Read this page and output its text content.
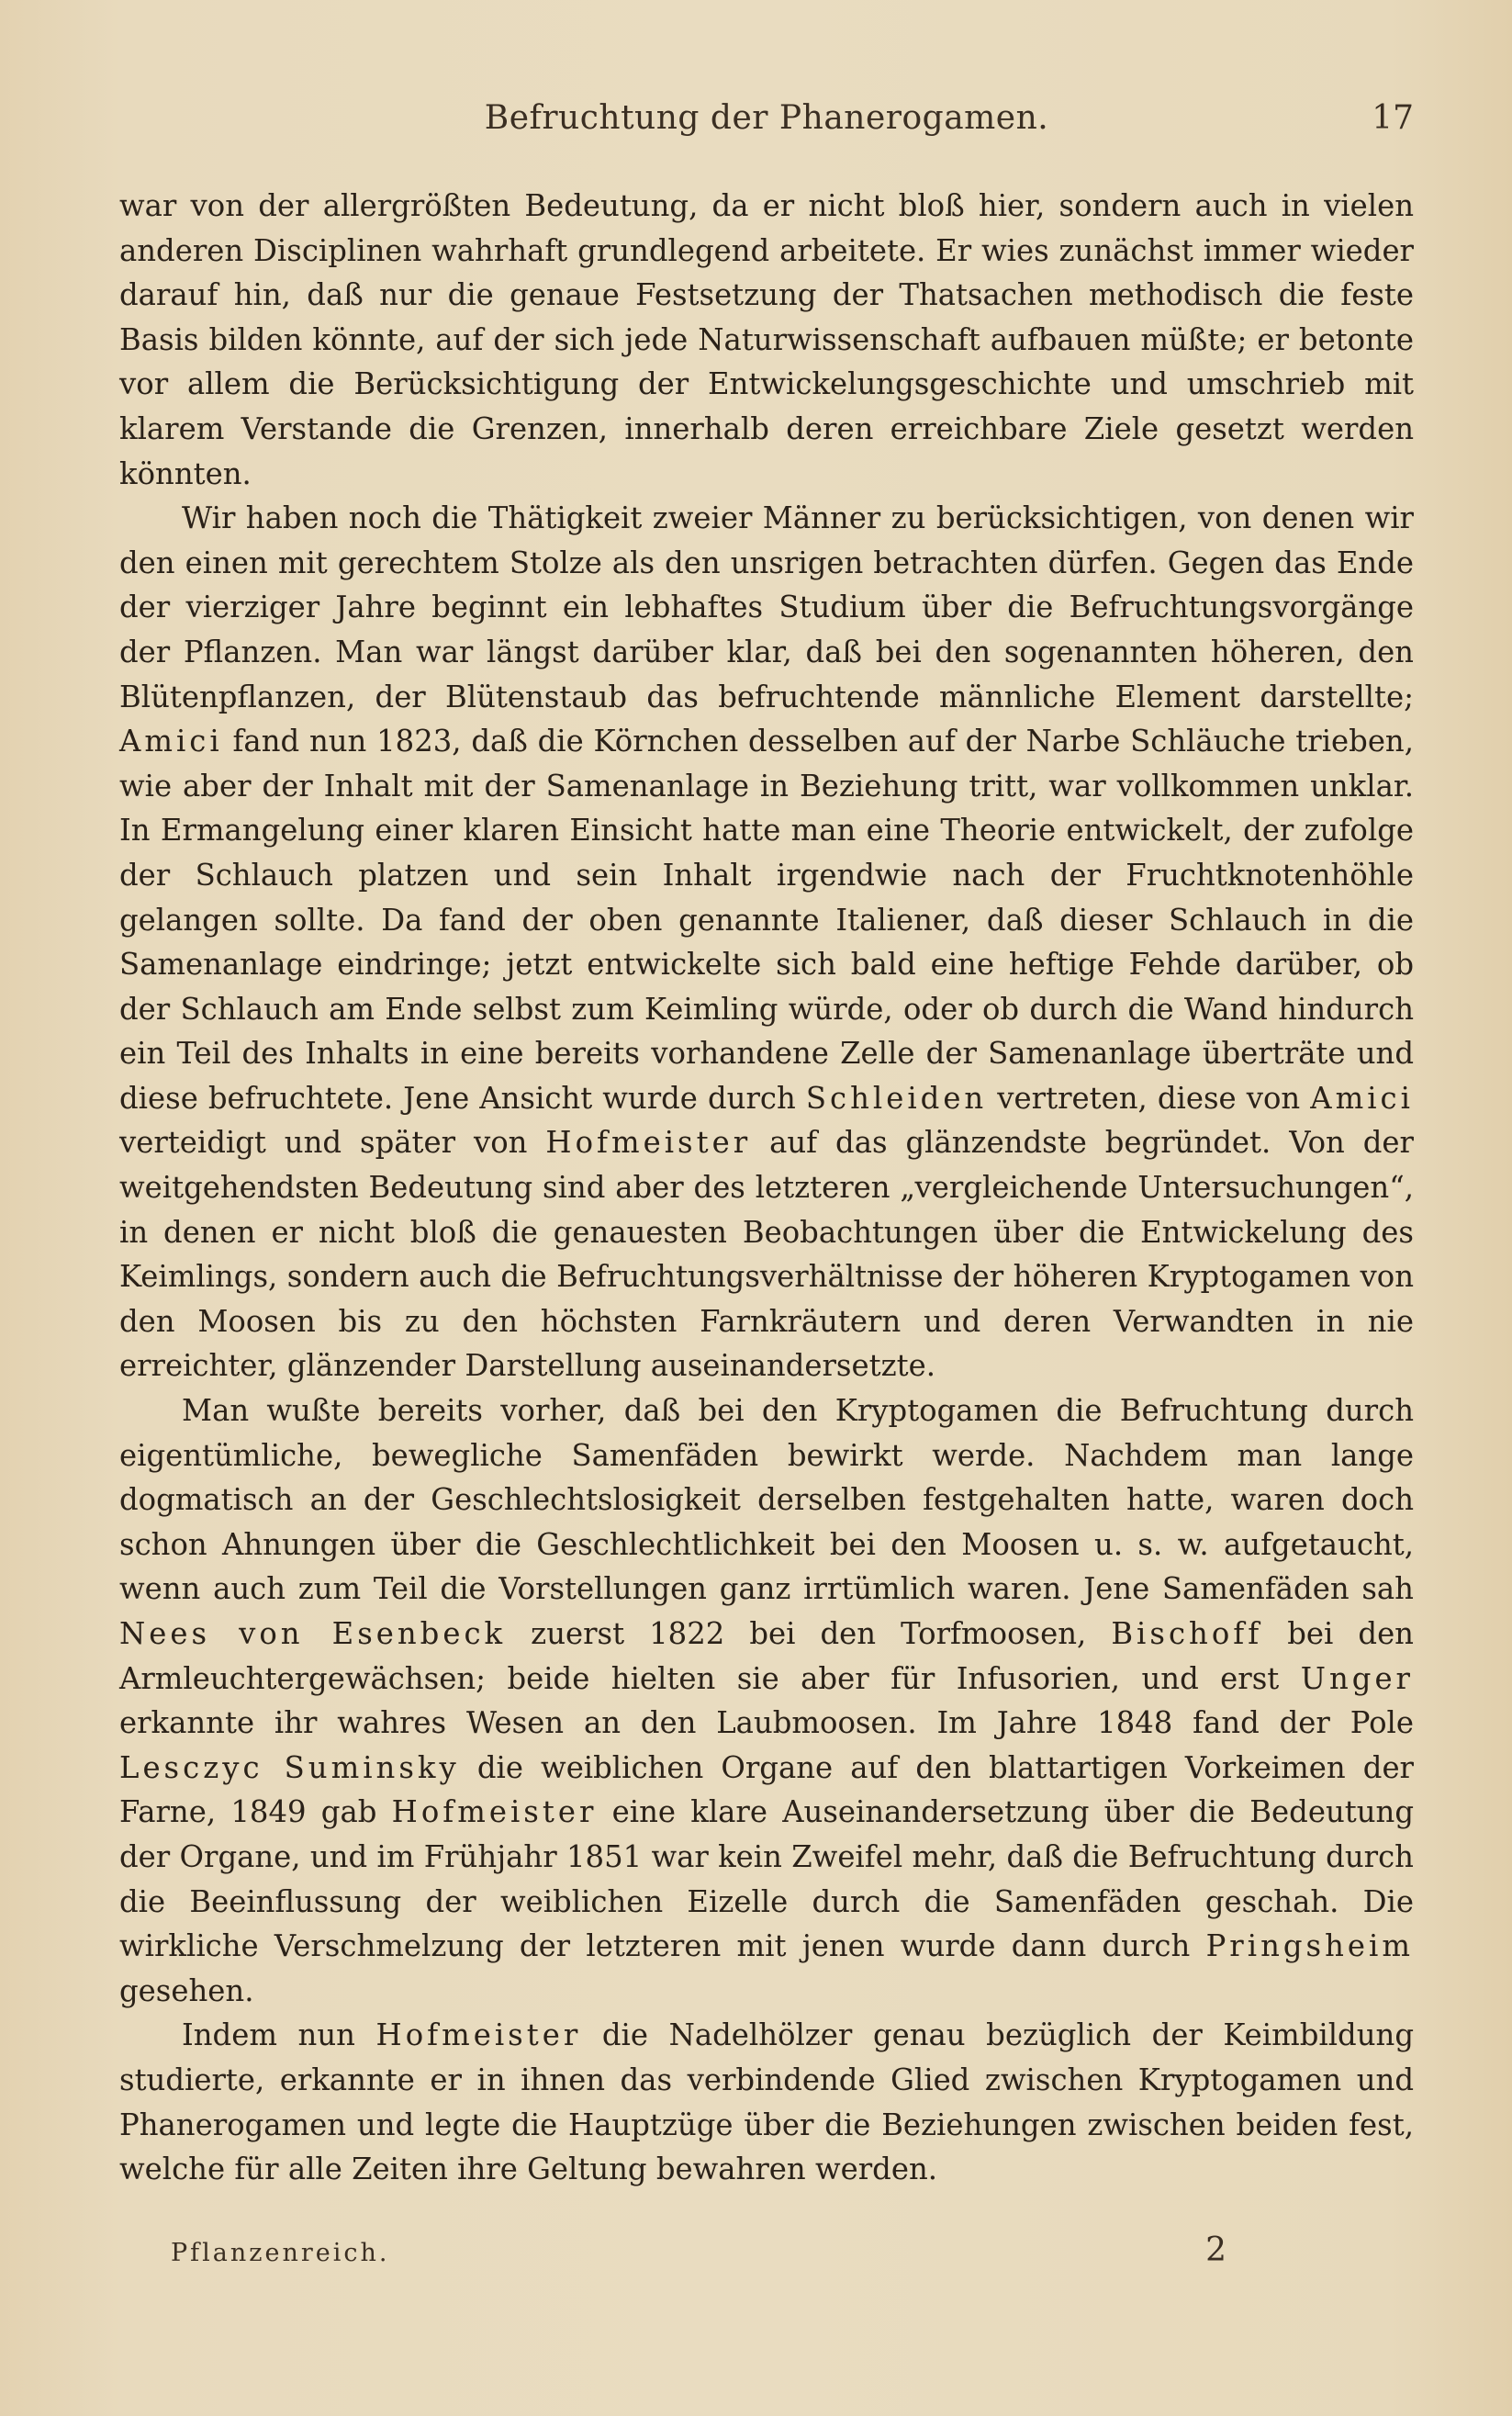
Befruchtung der Phanerogamen.	17

war von der allergrößten Bedeutung, da er nicht bloß hier, sondern auch in vielen anderen Disciplinen wahrhaft grundlegend arbeitete. Er wies zunächst immer wieder darauf hin, daß nur die genaue Festsetzung der Thatsachen methodisch die feste Basis bilden könnte, auf der sich jede Naturwissenschaft aufbauen müßte; er betonte vor allem die Berücksichtigung der Entwickelungsgeschichte und umschrieb mit klarem Verstande die Grenzen, innerhalb deren erreichbare Ziele gesetzt werden könnten.

Wir haben noch die Thätigkeit zweier Männer zu berücksichtigen, von denen wir den einen mit gerechtem Stolze als den unsrigen betrachten dürfen. Gegen das Ende der vierziger Jahre beginnt ein lebhaftes Studium über die Befruchtungsvorgänge der Pflanzen. Man war längst darüber klar, daß bei den sogenannten höheren, den Blütenpflanzen, der Blütenstaub das befruchtende männliche Element darstellte; Amici fand nun 1823, daß die Körnchen desselben auf der Narbe Schläuche trieben, wie aber der Inhalt mit der Samenanlage in Beziehung tritt, war vollkommen unklar. In Ermangelung einer klaren Einsicht hatte man eine Theorie entwickelt, der zufolge der Schlauch platzen und sein Inhalt irgendwie nach der Fruchtknotenhöhle gelangen sollte. Da fand der oben genannte Italiener, daß dieser Schlauch in die Samenanlage eindringe; jetzt entwickelte sich bald eine heftige Fehde darüber, ob der Schlauch am Ende selbst zum Keimling würde, oder ob durch die Wand hindurch ein Teil des Inhalts in eine bereits vorhandene Zelle der Samenanlage überträte und diese befruchtete. Jene Ansicht wurde durch Schleiden vertreten, diese von Amici verteidigt und später von Hofmeister auf das glänzendste begründet. Von der weitgehendsten Bedeutung sind aber des letzteren „vergleichende Untersuchungen“, in denen er nicht bloß die genauesten Beobachtungen über die Entwickelung des Keimlings, sondern auch die Befruchtungsverhältnisse der höheren Kryptogamen von den Moosen bis zu den höchsten Farnkräutern und deren Verwandten in nie erreichter, glänzender Darstellung auseinandersetzte.

Man wußte bereits vorher, daß bei den Kryptogamen die Befruchtung durch eigentümliche, bewegliche Samenfäden bewirkt werde. Nachdem man lange dogmatisch an der Geschlechtslosigkeit derselben festgehalten hatte, waren doch schon Ahnungen über die Geschlechtlichkeit bei den Moosen u. s. w. aufgetaucht, wenn auch zum Teil die Vorstellungen ganz irrtümlich waren. Jene Samenfäden sah Nees von Esenbeck zuerst 1822 bei den Torfmoosen, Bischoff bei den Armleuchtergewächsen; beide hielten sie aber für Infusorien, und erst Unger erkannte ihr wahres Wesen an den Laubmoosen. Im Jahre 1848 fand der Pole Lesczyc Suminsky die weiblichen Organe auf den blattartigen Vorkeimen der Farne, 1849 gab Hofmeister eine klare Auseinandersetzung über die Bedeutung der Organe, und im Frühjahr 1851 war kein Zweifel mehr, daß die Befruchtung durch die Beeinflussung der weiblichen Eizelle durch die Samenfäden geschah. Die wirkliche Verschmelzung der letzteren mit jenen wurde dann durch Pringsheim gesehen.

Indem nun Hofmeister die Nadelhölzer genau bezüglich der Keimbildung studierte, erkannte er in ihnen das verbindende Glied zwischen Kryptogamen und Phanerogamen und legte die Hauptzüge über die Beziehungen zwischen beiden fest, welche für alle Zeiten ihre Geltung bewahren werden.

Pflanzenreich.	2
